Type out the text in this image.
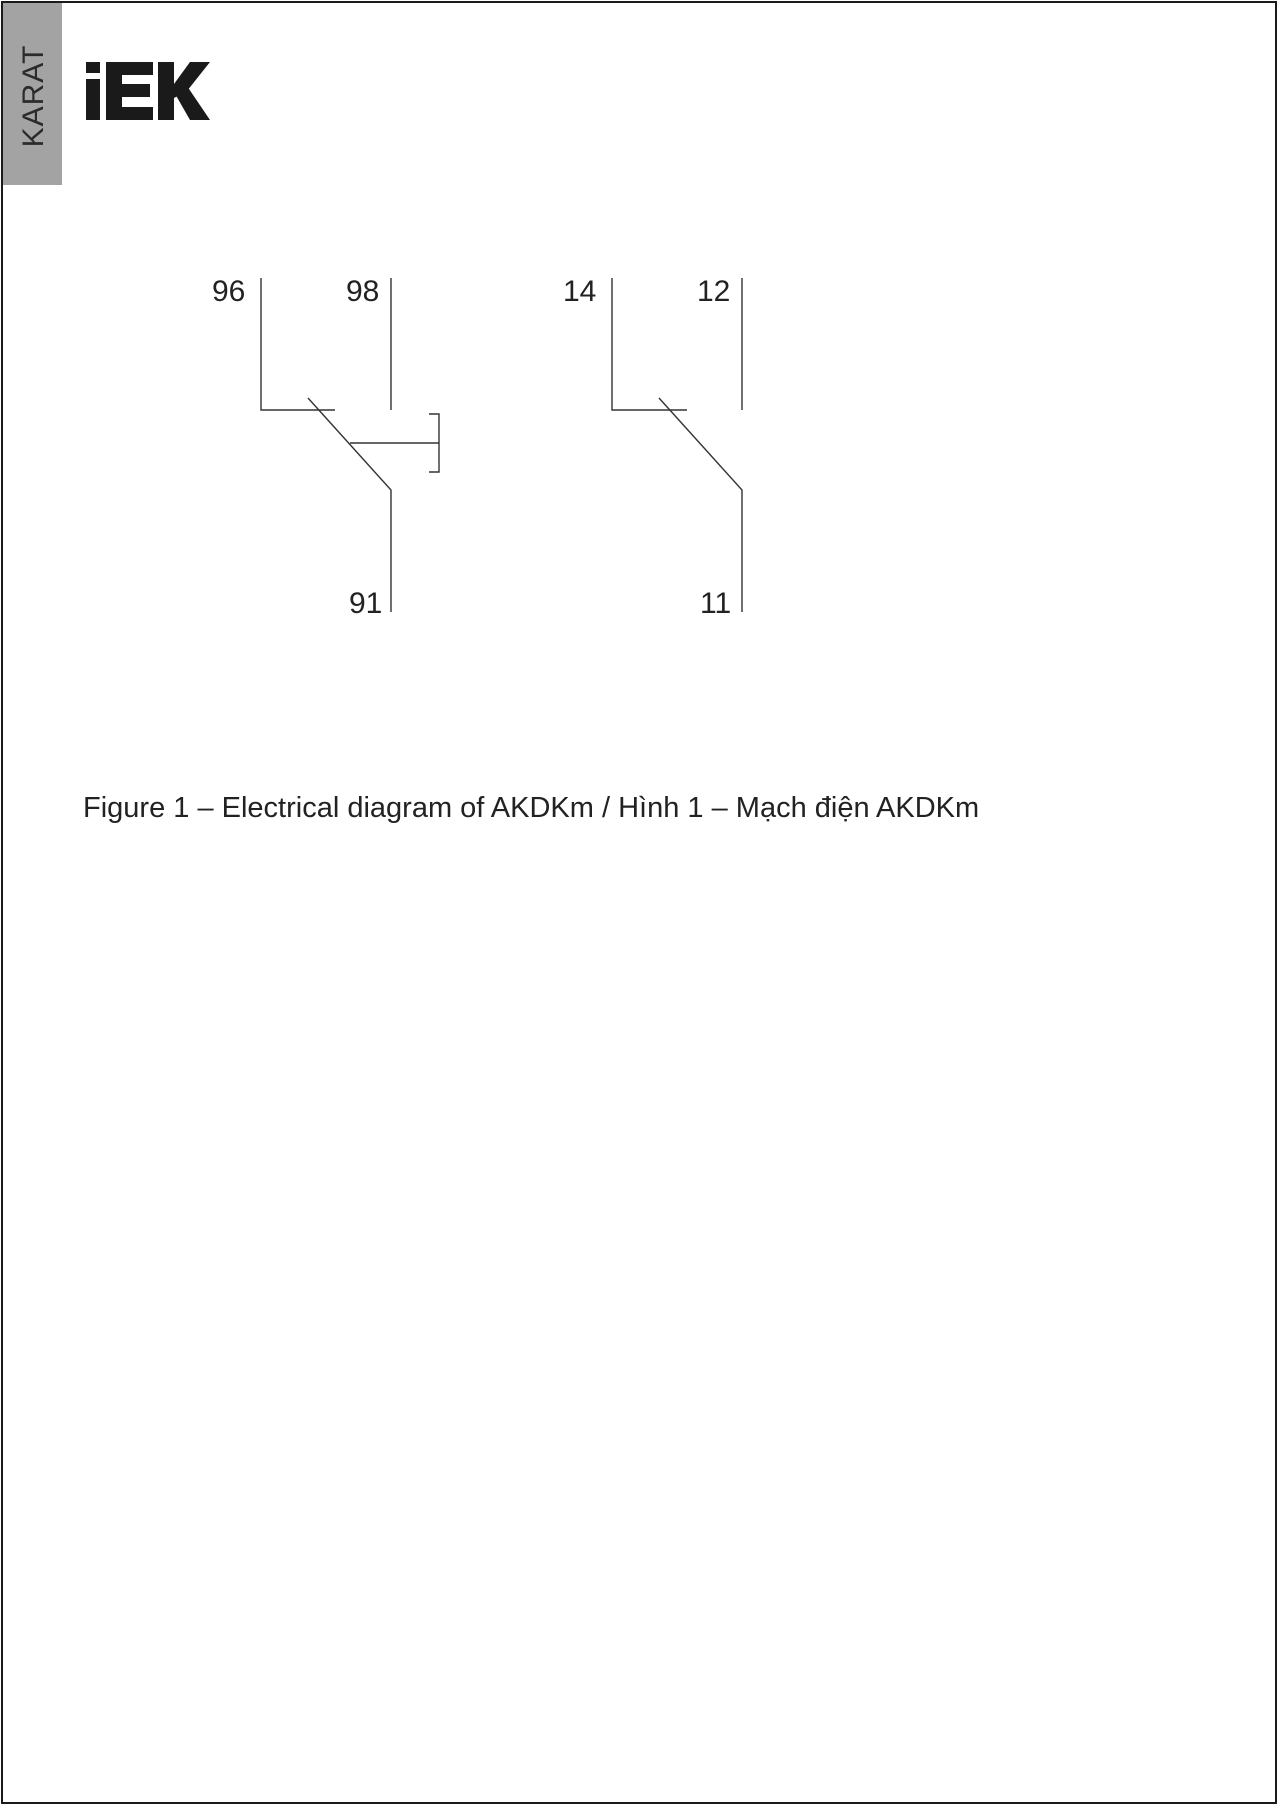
KARAT
96	98
91
14	12
11
Figure 1 – Electrical diagram of AKDKm / Hình 1 – Mạch điện AKDKm
